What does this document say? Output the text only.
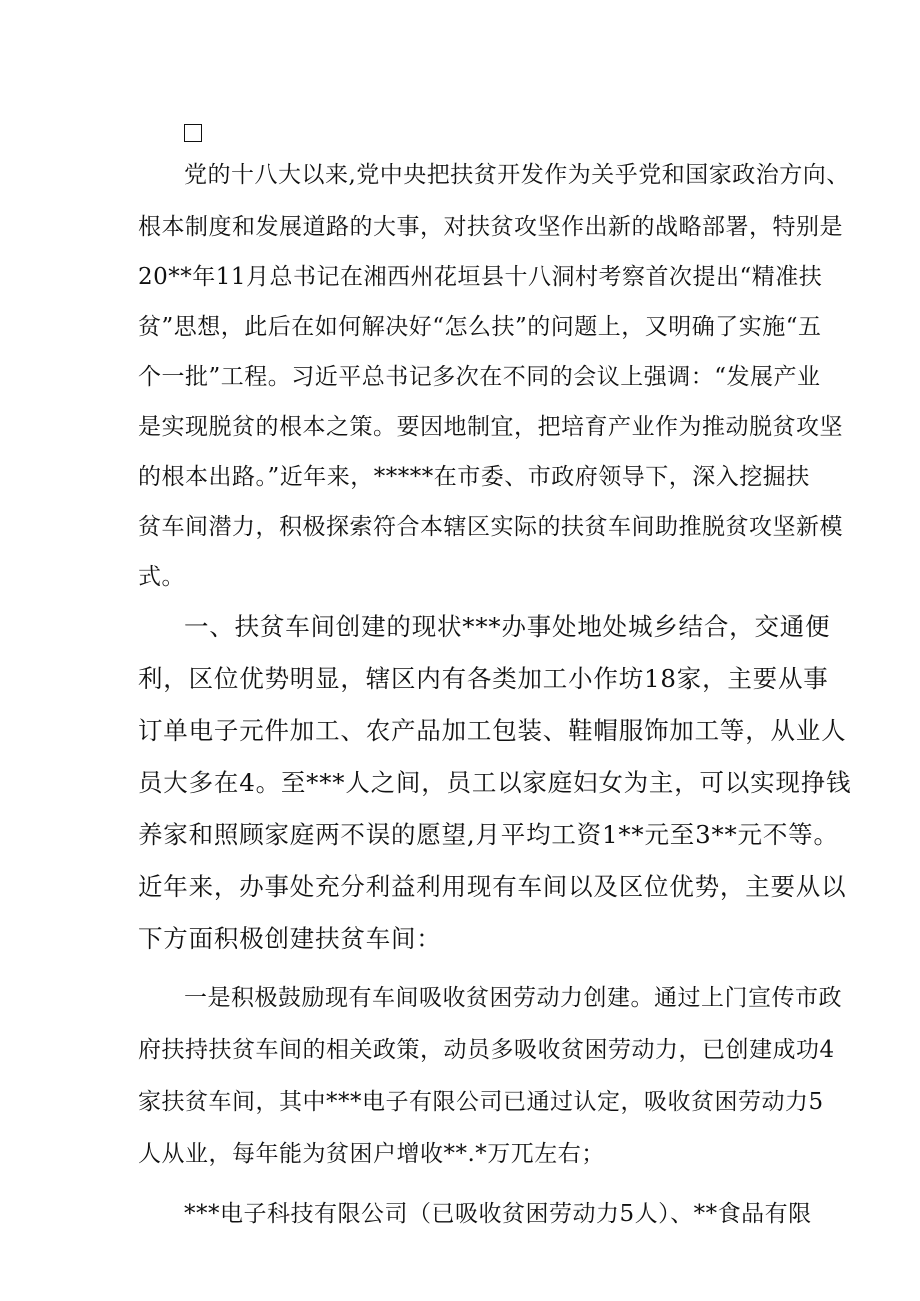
党的十八大以来,党中央把扶贫开发作为关乎党和国家政治方向、
根本制度和发展道路的大事，对扶贫攻坚作出新的战略部署，特别是
20**年11月总书记在湘西州花垣县十八洞村考察首次提出“精准扶
贫”思想，此后在如何解决好“怎么扶”的问题上，又明确了实施“五
个一批”工程。习近平总书记多次在不同的会议上强调：“发展产业
是实现脱贫的根本之策。要因地制宜，把培育产业作为推动脱贫攻坚
的根本出路。”近年来，*****在市委、市政府领导下，深入挖掘扶
贫车间潜力，积极探索符合本辖区实际的扶贫车间助推脱贫攻坚新模
式。
一、扶贫车间创建的现状***办事处地处城乡结合，交通便
利，区位优势明显，辖区内有各类加工小作坊18家，主要从事
订单电子元件加工、农产品加工包装、鞋帽服饰加工等，从业人
员大多在4。至***人之间，员工以家庭妇女为主，可以实现挣钱
养家和照顾家庭两不误的愿望,月平均工资1**元至3**元不等。
近年来，办事处充分利益利用现有车间以及区位优势，主要从以
下方面积极创建扶贫车间：
一是积极鼓励现有车间吸收贫困劳动力创建。通过上门宣传市政
府扶持扶贫车间的相关政策，动员多吸收贫困劳动力，已创建成功4
家扶贫车间，其中***电子有限公司已通过认定，吸收贫困劳动力5
人从业，每年能为贫困户增收**.*万兀左右；
***电子科技有限公司（已吸收贫困劳动力5人）、**食品有限
